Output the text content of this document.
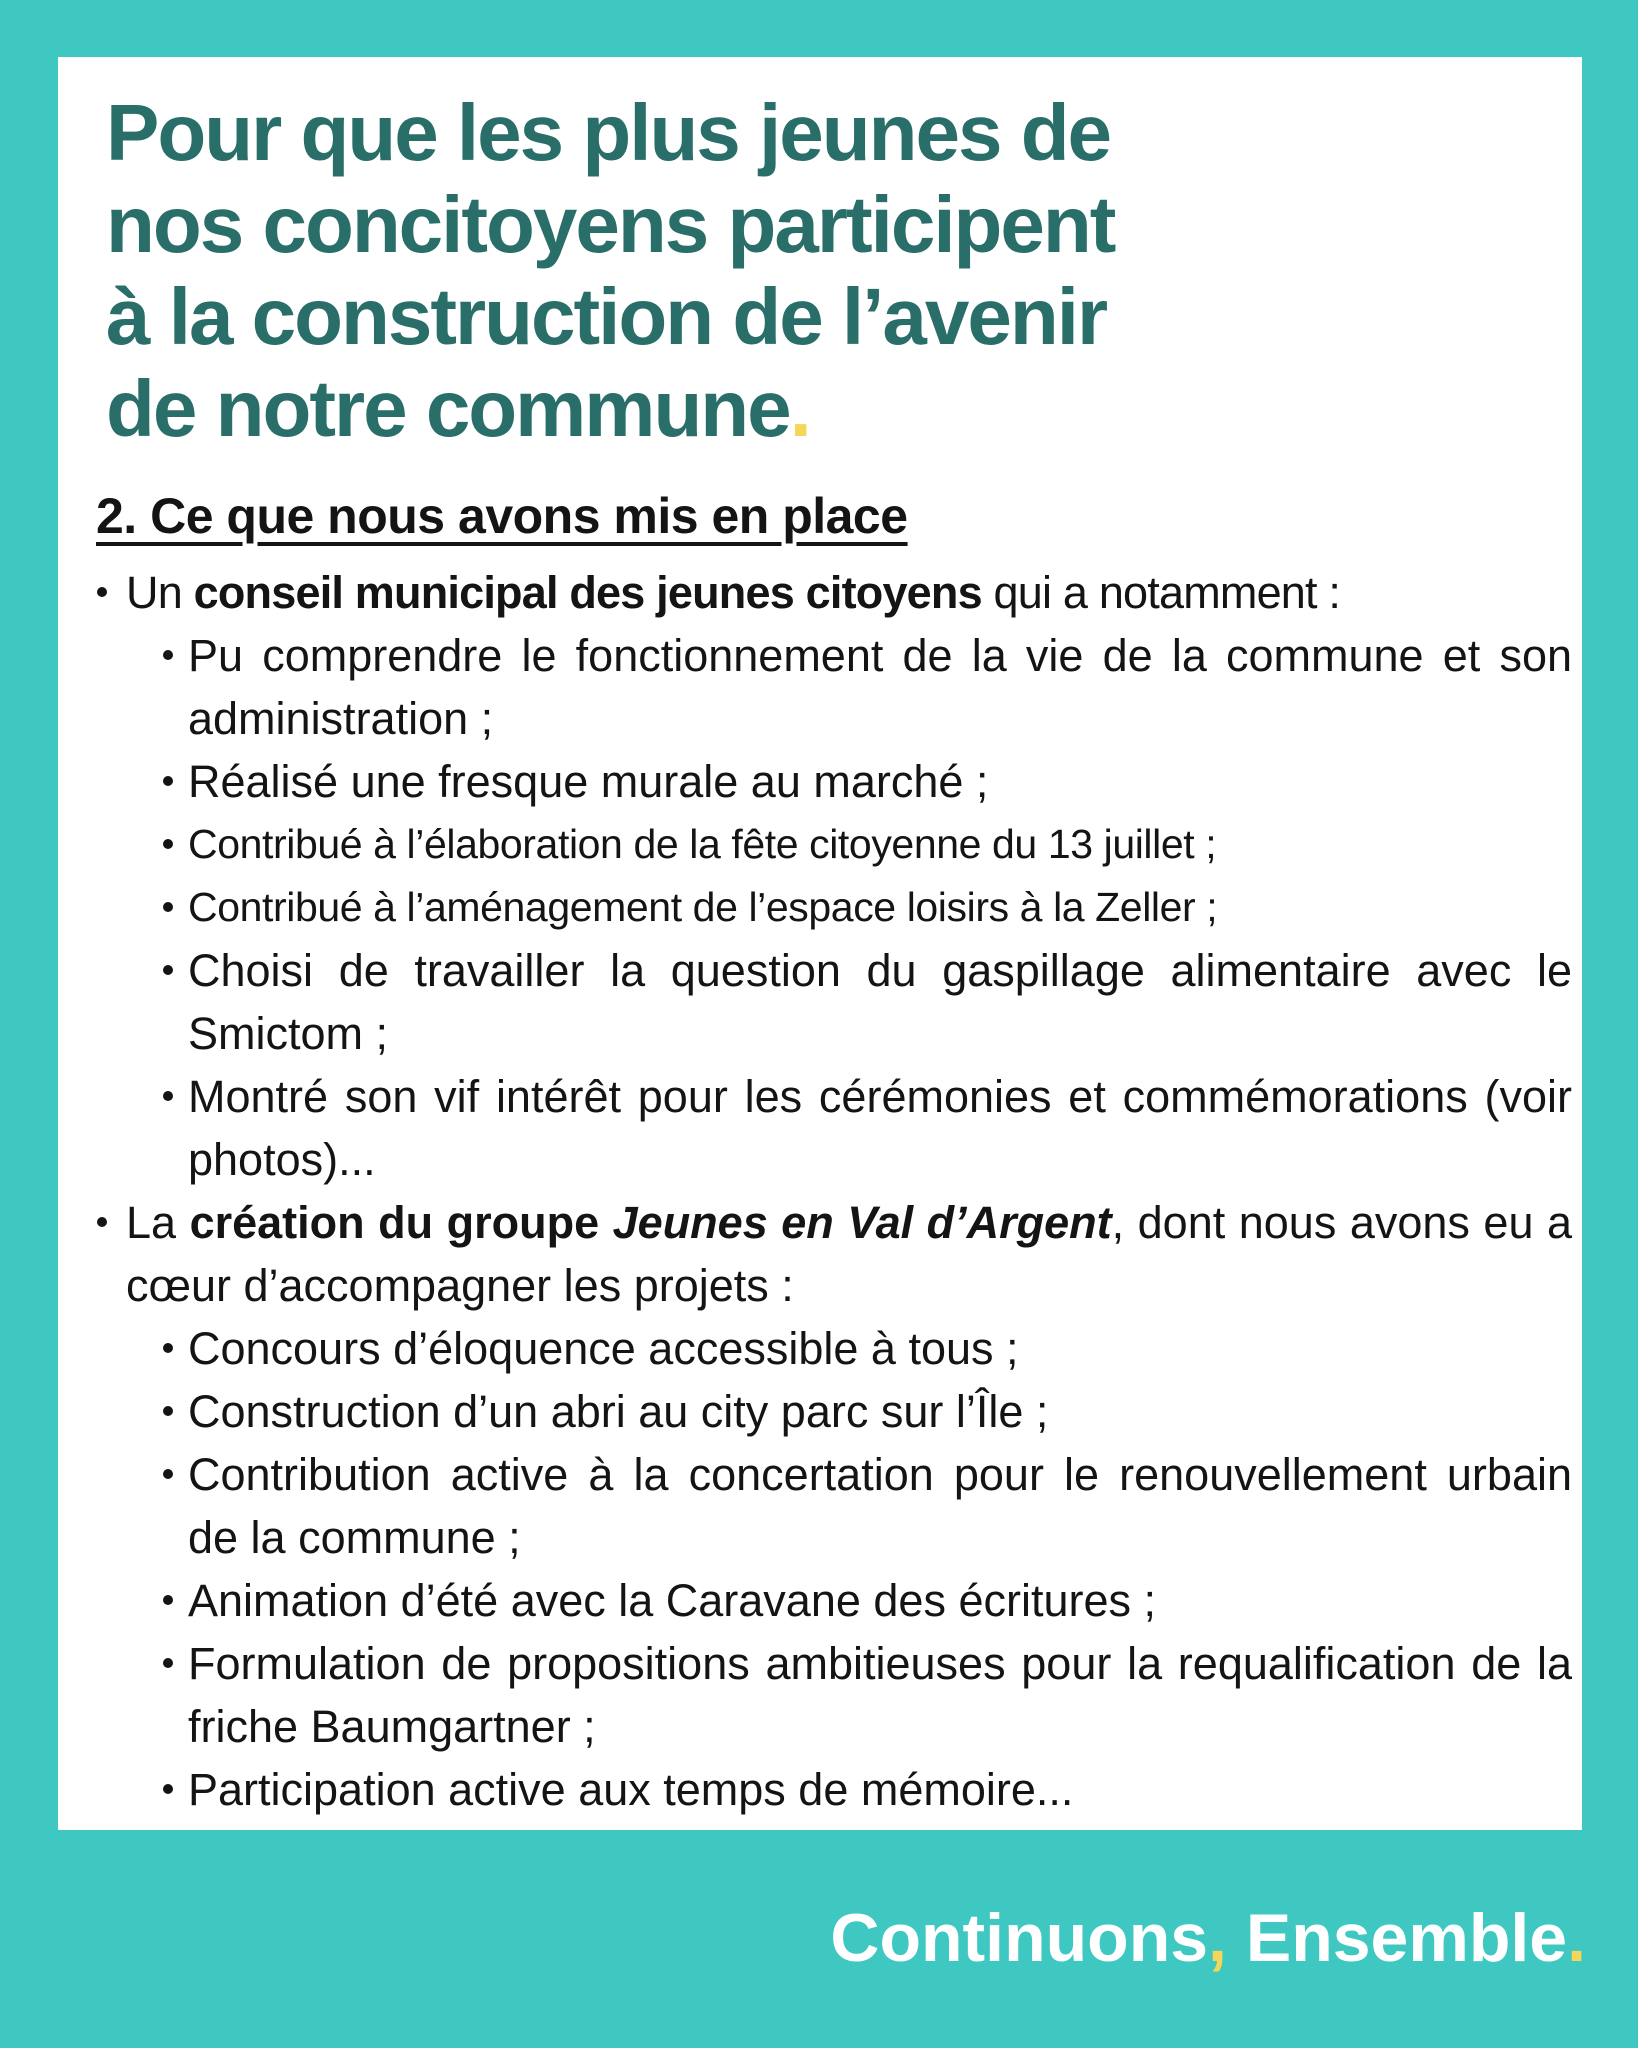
Pour que les plus jeunes de
nos concitoyens participent
à la construction de l’avenir
de notre commune.
2. Ce que nous avons mis en place
Un conseil municipal des jeunes citoyens qui a notamment :
Pu comprendre le fonctionnement de la vie de la commune et son administration ;
Réalisé une fresque murale au marché ;
Contribué à l’élaboration de la fête citoyenne du 13 juillet ;
Contribué à l’aménagement de l’espace loisirs à la Zeller ;
Choisi de travailler la question du gaspillage alimentaire avec le Smictom ;
Montré son vif intérêt pour les cérémonies et commémorations (voir photos)...
La création du groupe Jeunes en Val d’Argent, dont nous avons eu a cœur d’accompagner les projets :
Concours d’éloquence accessible à tous ;
Construction d’un abri au city parc sur l’Île ;
Contribution active à la concertation pour le renouvellement urbain de la commune ;
Animation d’été avec la Caravane des écritures ;
Formulation de propositions ambitieuses pour la requalification de la friche Baumgartner ;
Participation active aux temps de mémoire...
Continuons, Ensemble.
